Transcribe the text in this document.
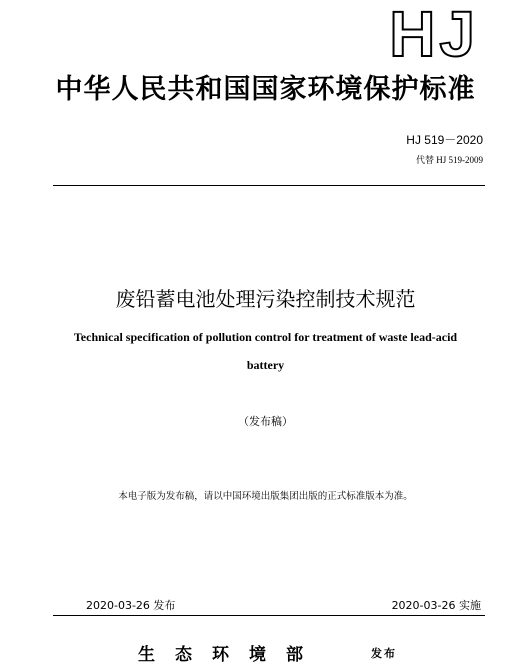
HJ
中华人民共和国国家环境保护标准
HJ 519－2020
代替 HJ 519-2009
废铅蓄电池处理污染控制技术规范
Technical specification of pollution control for treatment of waste lead-acid
battery
（发布稿）
本电子版为发布稿，请以中国环境出版集团出版的正式标准版本为准。
2020-03-26 发布	2020-03-26 实施
生态环境部	发布
